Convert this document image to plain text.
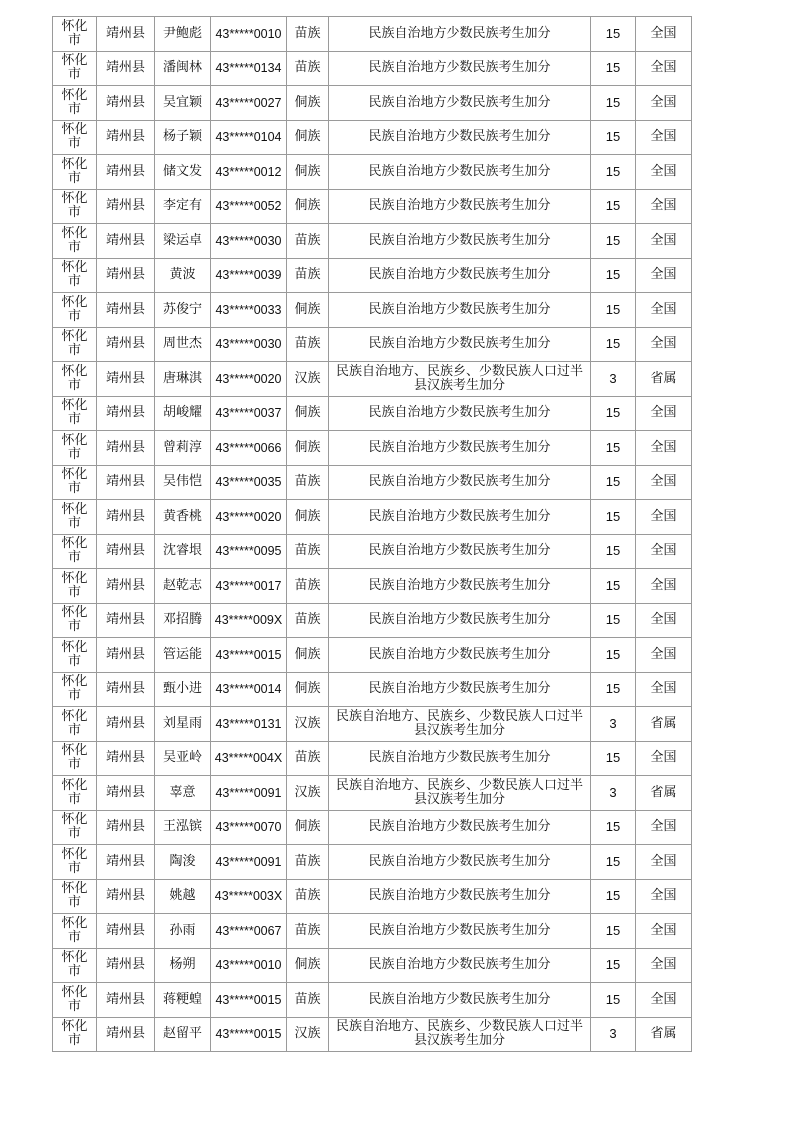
怀化市	靖州县	尹鲍彪	43*****0010	苗族	民族自治地方少数民族考生加分	15	全国
怀化市	靖州县	潘闽林	43*****0134	苗族	民族自治地方少数民族考生加分	15	全国
怀化市	靖州县	吴宜颖	43*****0027	侗族	民族自治地方少数民族考生加分	15	全国
怀化市	靖州县	杨子颖	43*****0104	侗族	民族自治地方少数民族考生加分	15	全国
怀化市	靖州县	储文发	43*****0012	侗族	民族自治地方少数民族考生加分	15	全国
怀化市	靖州县	李定有	43*****0052	侗族	民族自治地方少数民族考生加分	15	全国
怀化市	靖州县	梁运卓	43*****0030	苗族	民族自治地方少数民族考生加分	15	全国
怀化市	靖州县	黄波	43*****0039	苗族	民族自治地方少数民族考生加分	15	全国
怀化市	靖州县	苏俊宁	43*****0033	侗族	民族自治地方少数民族考生加分	15	全国
怀化市	靖州县	周世杰	43*****0030	苗族	民族自治地方少数民族考生加分	15	全国
怀化市	靖州县	唐琳淇	43*****0020	汉族	民族自治地方、民族乡、少数民族人口过半县汉族考生加分	3	省属
怀化市	靖州县	胡峻耀	43*****0037	侗族	民族自治地方少数民族考生加分	15	全国
怀化市	靖州县	曾莉淳	43*****0066	侗族	民族自治地方少数民族考生加分	15	全国
怀化市	靖州县	吴伟恺	43*****0035	苗族	民族自治地方少数民族考生加分	15	全国
怀化市	靖州县	黄香桃	43*****0020	侗族	民族自治地方少数民族考生加分	15	全国
怀化市	靖州县	沈睿垠	43*****0095	苗族	民族自治地方少数民族考生加分	15	全国
怀化市	靖州县	赵乾志	43*****0017	苗族	民族自治地方少数民族考生加分	15	全国
怀化市	靖州县	邓招腾	43*****009X	苗族	民族自治地方少数民族考生加分	15	全国
怀化市	靖州县	管运能	43*****0015	侗族	民族自治地方少数民族考生加分	15	全国
怀化市	靖州县	甄小进	43*****0014	侗族	民族自治地方少数民族考生加分	15	全国
怀化市	靖州县	刘星雨	43*****0131	汉族	民族自治地方、民族乡、少数民族人口过半县汉族考生加分	3	省属
怀化市	靖州县	吴亚岭	43*****004X	苗族	民族自治地方少数民族考生加分	15	全国
怀化市	靖州县	辜意	43*****0091	汉族	民族自治地方、民族乡、少数民族人口过半县汉族考生加分	3	省属
怀化市	靖州县	王泓镔	43*****0070	侗族	民族自治地方少数民族考生加分	15	全国
怀化市	靖州县	陶浚	43*****0091	苗族	民族自治地方少数民族考生加分	15	全国
怀化市	靖州县	姚越	43*****003X	苗族	民族自治地方少数民族考生加分	15	全国
怀化市	靖州县	孙雨	43*****0067	苗族	民族自治地方少数民族考生加分	15	全国
怀化市	靖州县	杨朔	43*****0010	侗族	民族自治地方少数民族考生加分	15	全国
怀化市	靖州县	蒋粳蝗	43*****0015	苗族	民族自治地方少数民族考生加分	15	全国
怀化市	靖州县	赵留平	43*****0015	汉族	民族自治地方、民族乡、少数民族人口过半县汉族考生加分	3	省属
